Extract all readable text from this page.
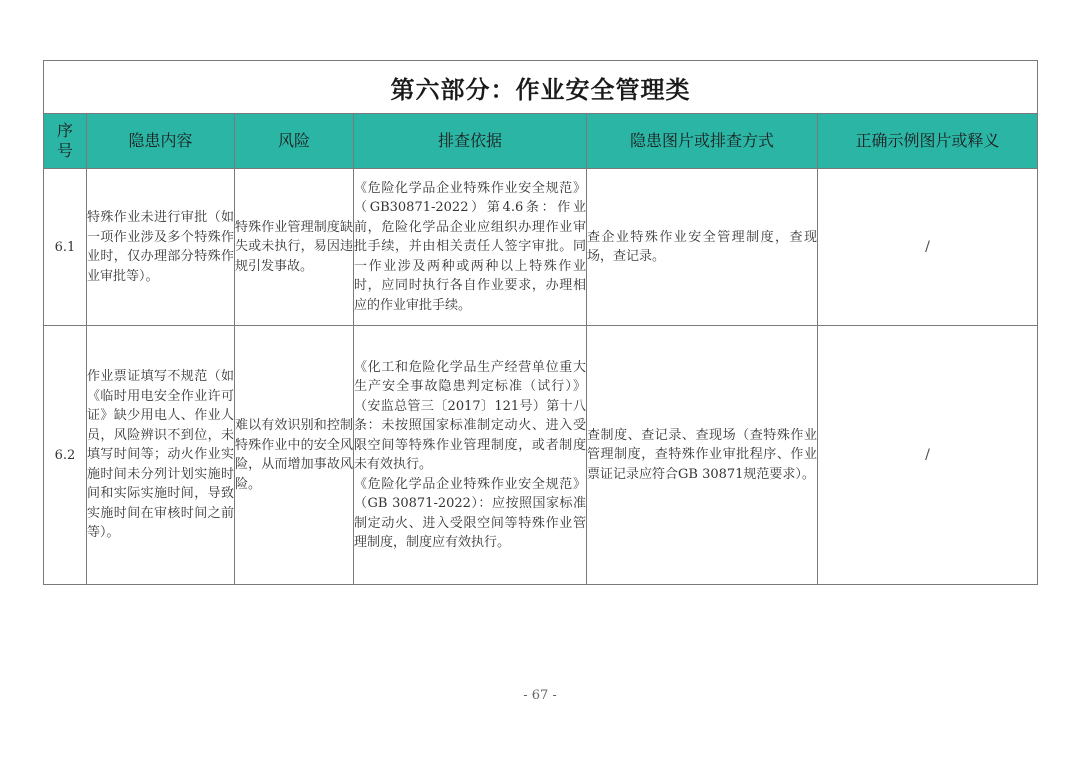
第六部分：作业安全管理类					
序号	隐患内容	风险	排查依据	隐患图片或排查方式	正确示例图片或释义
6.1	特殊作业未进行审批（如一项作业涉及多个特殊作业时，仅办理部分特殊作业审批等）。	特殊作业管理制度缺失或未执行，易因违规引发事故。	《危险化学品企业特殊作业安全规范》（GB30871-2022）第4.6条：作业前，危险化学品企业应组织办理作业审批手续，并由相关责任人签字审批。同一作业涉及两种或两种以上特殊作业时，应同时执行各自作业要求，办理相应的作业审批手续。	查企业特殊作业安全管理制度，查现场，查记录。	/
6.2	作业票证填写不规范（如《临时用电安全作业许可证》缺少用电人、作业人员，风险辨识不到位，未填写时间等；动火作业实施时间未分列计划实施时间和实际实施时间，导致实施时间在审核时间之前等）。	难以有效识别和控制特殊作业中的安全风险，从而增加事故风险。	《化工和危险化学品生产经营单位重大生产安全事故隐患判定标准（试行）》（安监总管三〔2017〕121号）第十八条：未按照国家标准制定动火、进入受限空间等特殊作业管理制度，或者制度未有效执行。
《危险化学品企业特殊作业安全规范》（GB 30871-2022）：应按照国家标准制定动火、进入受限空间等特殊作业管理制度，制度应有效执行。	查制度、查记录、查现场（查特殊作业管理制度，查特殊作业审批程序、作业票证记录应符合GB 30871规范要求）。	/
- 67 -
